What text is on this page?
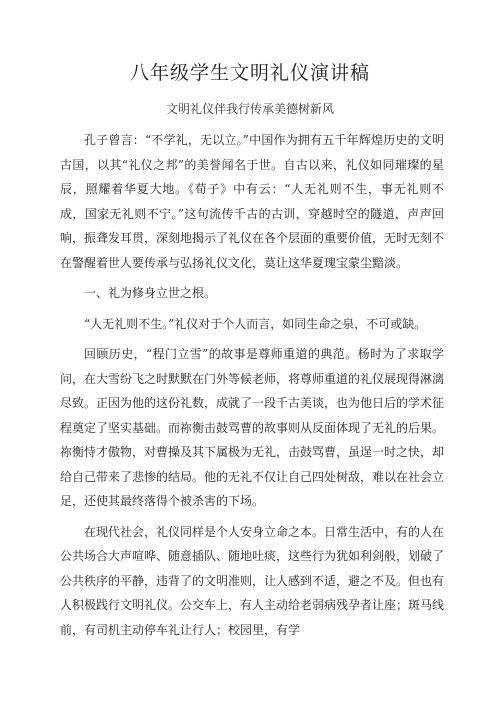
八年级学生文明礼仪演讲稿
文明礼仪伴我行传承美德树新风

孔子曾言：“不学礼，无以立。”中国作为拥有五千年辉煌历史的文明古国，以其“礼仪之邦”的美誉闻名于世。自古以来，礼仪如同璀璨的星辰，照耀着华夏大地。《荀子》中有云：“人无礼则不生，事无礼则不成，国家无礼则不宁。”这句流传千古的古训，穿越时空的隧道，声声回响，振聋发耳贯，深刻地揭示了礼仪在各个层面的重要价值，无时无刻不在警醒着世人要传承与弘扬礼仪文化，莫让这华夏瑰宝蒙尘黯淡。

一、礼为修身立世之根。

“人无礼则不生。”礼仪对于个人而言，如同生命之泉，不可或缺。

回顾历史，“程门立雪”的故事是尊师重道的典范。杨时为了求取学问，在大雪纷飞之时默默在门外等候老师，将尊师重道的礼仪展现得淋漓尽致。正因为他的这份礼数，成就了一段千古美谈，也为他日后的学术征程奠定了坚实基础。而祢衡击鼓骂曹的故事则从反面体现了无礼的后果。祢衡恃才傲物，对曹操及其下属极为无礼，击鼓骂曹，虽逞一时之快，却给自己带来了悲惨的结局。他的无礼不仅让自己四处树敌，难以在社会立足，还使其最终落得个被杀害的下场。

在现代社会，礼仪同样是个人安身立命之本。日常生活中，有的人在公共场合大声喧哗、随意插队、随地吐痰，这些行为犹如利剑般，划破了公共秩序的平静，违背了的文明准则，让人感到不适，避之不及。但也有人积极践行文明礼仪。公交车上，有人主动给老弱病残孕者让座；斑马线前，有司机主动停车礼让行人；校园里，有学
